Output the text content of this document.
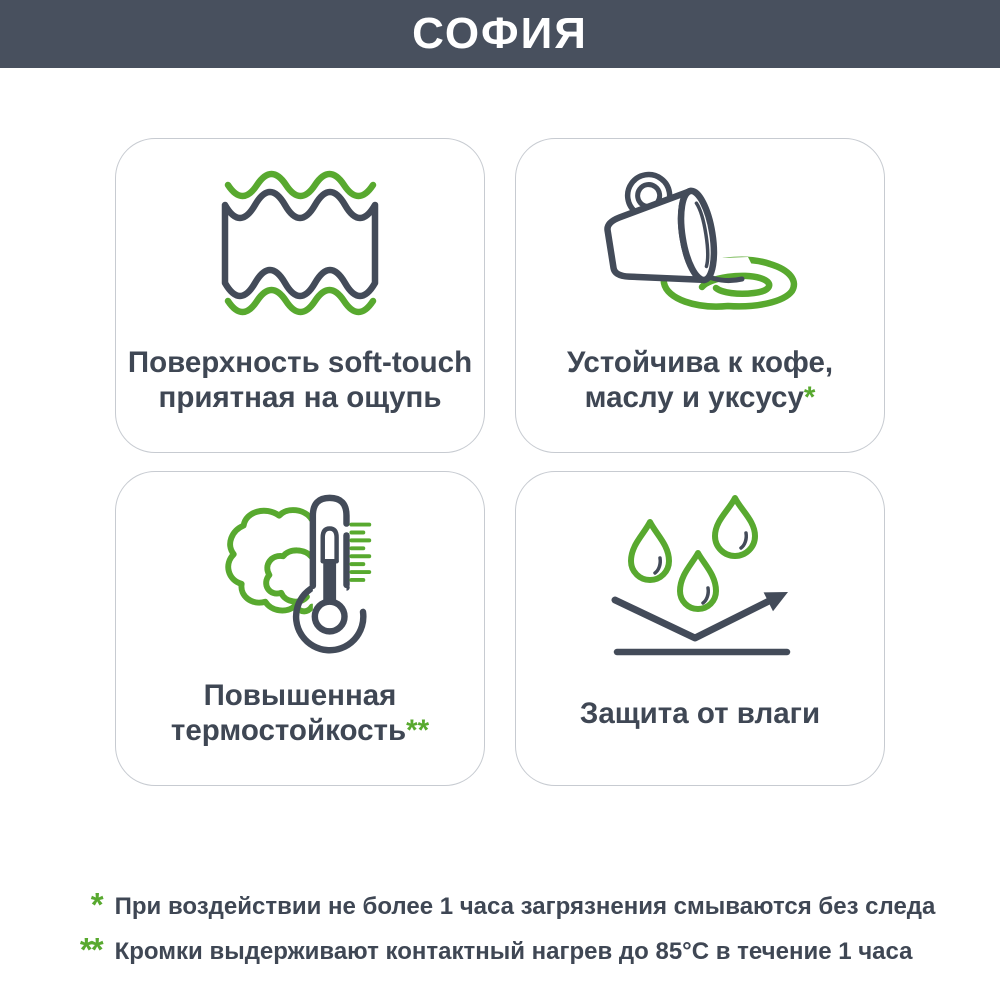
СОФИЯ
Поверхность soft-touch
приятная на ощупь
Устойчива к кофе,
маслу и уксусу*
Повышенная
термостойкость**
Защита от влаги
* При воздействии не более 1 часа загрязнения смываются без следа
** Кромки выдерживают контактный нагрев до 85°С в течение 1 часа
